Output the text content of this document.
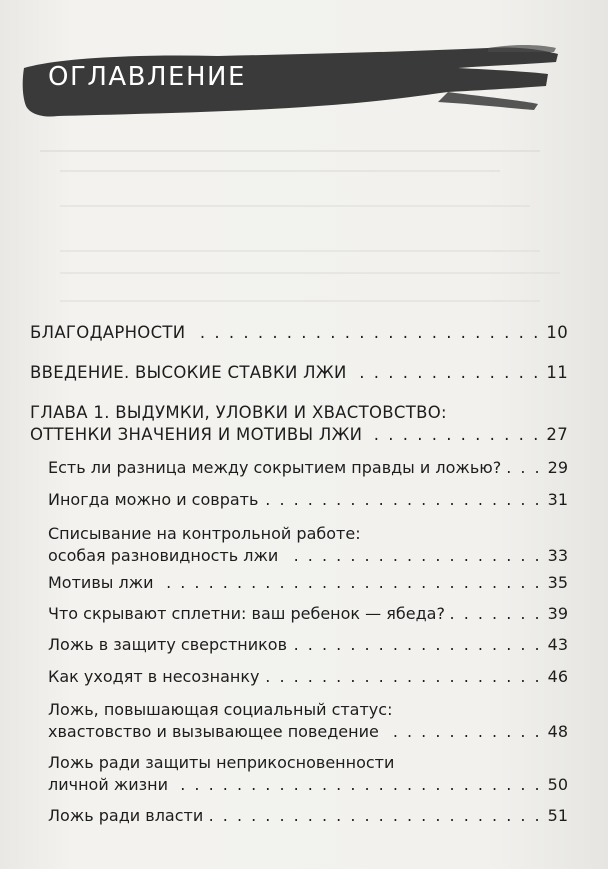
ОГЛАВЛЕНИЕ
БЛАГОДАРНОСТИ . . .	10
ВВЕДЕНИЕ. ВЫСОКИЕ СТАВКИ ЛЖИ . . .	11
ГЛАВА 1. ВЫДУМКИ, УЛОВКИ И ХВАСТОВСТВО:
ОТТЕНКИ ЗНАЧЕНИЯ И МОТИВЫ ЛЖИ . . .	27
Есть ли разница между сокрытием правды и ложью? . . .	29
Иногда можно и соврать . . .	31
Списывание на контрольной работе:
особая разновидность лжи . . .	33
Мотивы лжи . . .	35
Что скрывают сплетни: ваш ребенок — ябеда? . . .	39
Ложь в защиту сверстников . . .	43
Как уходят в несознанку . . .	46
Ложь, повышающая социальный статус:
хвастовство и вызывающее поведение . . .	48
Ложь ради защиты неприкосновенности
личной жизни . . .	50
Ложь ради власти . . .	51
